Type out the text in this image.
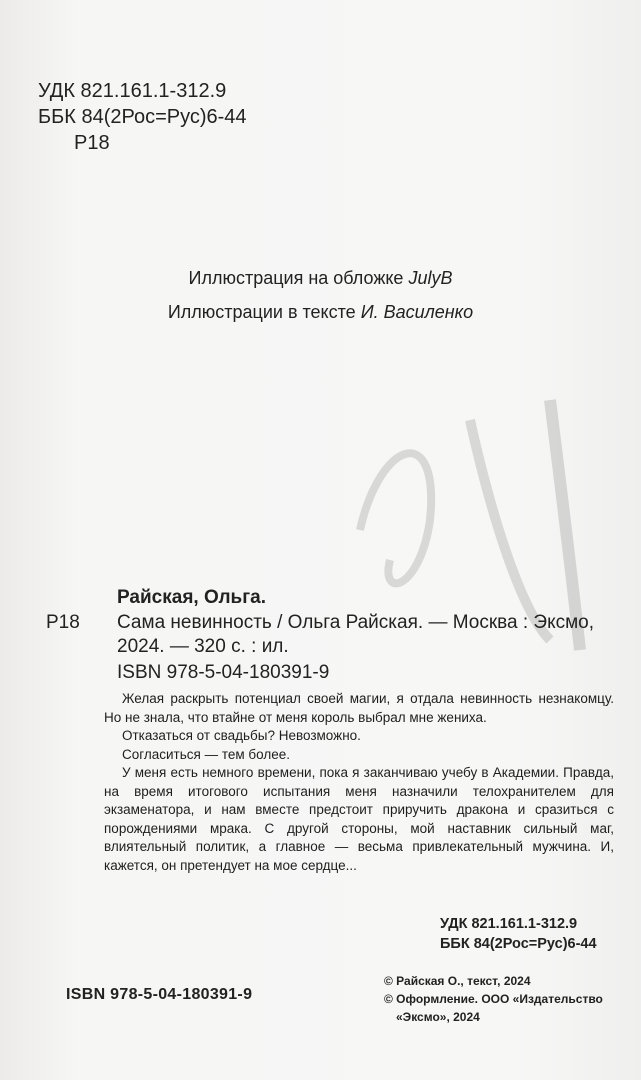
УДК 821.161.1-312.9
ББК 84(2Рос=Рус)6-44
Р18
Иллюстрация на обложке JulyB
Иллюстрации в тексте И. Василенко
Райская, Ольга.
Р18 Сама невинность / Ольга Райская. — Москва : Эксмо,
2024. — 320 с. : ил.
ISBN 978-5-04-180391-9

Желая раскрыть потенциал своей магии, я отдала невинность незнакомцу. Но не знала, что втайне от меня король выбрал мне жениха.

Отказаться от свадьбы? Невозможно.

Согласиться — тем более.

У меня есть немного времени, пока я заканчиваю учебу в Академии. Правда, на время итогового испытания меня назначили телохранителем для экзаменатора, и нам вместе предстоит приручить дракона и сразиться с порождениями мрака. С другой стороны, мой наставник сильный маг, влиятельный политик, а главное — весьма привлекательный мужчина. И, кажется, он претендует на мое сердце...

УДК 821.161.1-312.9
ББК 84(2Рос=Рус)6-44
ISBN 978-5-04-180391-9
© Райская О., текст, 2024
© Оформление. ООО «Издательство
«Эксмо», 2024
